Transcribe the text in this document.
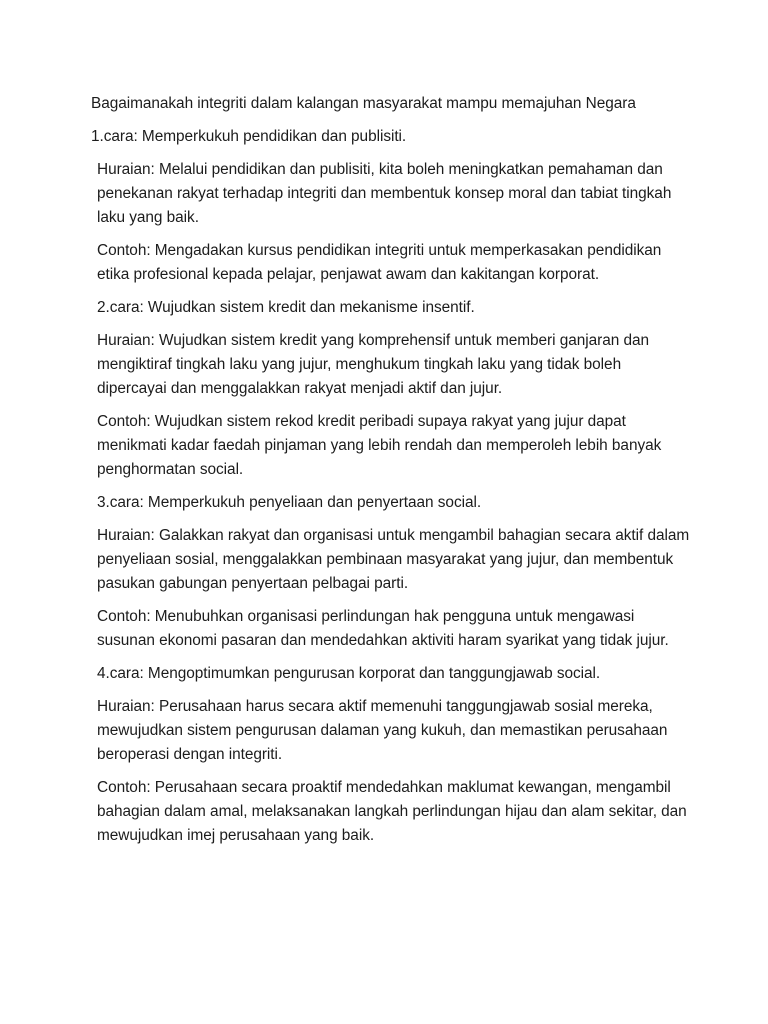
Bagaimanakah integriti dalam kalangan masyarakat mampu memajuhan Negara

1.cara: Memperkukuh pendidikan dan publisiti.

Huraian: Melalui pendidikan dan publisiti, kita boleh meningkatkan pemahaman dan penekanan rakyat terhadap integriti dan membentuk konsep moral dan tabiat tingkah laku yang baik.

Contoh: Mengadakan kursus pendidikan integriti untuk memperkasakan pendidikan etika profesional kepada pelajar, penjawat awam dan kakitangan korporat.

2.cara: Wujudkan sistem kredit dan mekanisme insentif.

Huraian: Wujudkan sistem kredit yang komprehensif untuk memberi ganjaran dan mengiktiraf tingkah laku yang jujur, menghukum tingkah laku yang tidak boleh dipercayai dan menggalakkan rakyat menjadi aktif dan jujur.

Contoh: Wujudkan sistem rekod kredit peribadi supaya rakyat yang jujur dapat menikmati kadar faedah pinjaman yang lebih rendah dan memperoleh lebih banyak penghormatan social.

3.cara: Memperkukuh penyeliaan dan penyertaan social.

Huraian: Galakkan rakyat dan organisasi untuk mengambil bahagian secara aktif dalam penyeliaan sosial, menggalakkan pembinaan masyarakat yang jujur, dan membentuk pasukan gabungan penyertaan pelbagai parti.

Contoh: Menubuhkan organisasi perlindungan hak pengguna untuk mengawasi susunan ekonomi pasaran dan mendedahkan aktiviti haram syarikat yang tidak jujur.

4.cara: Mengoptimumkan pengurusan korporat dan tanggungjawab social.

Huraian: Perusahaan harus secara aktif memenuhi tanggungjawab sosial mereka, mewujudkan sistem pengurusan dalaman yang kukuh, dan memastikan perusahaan beroperasi dengan integriti.

Contoh: Perusahaan secara proaktif mendedahkan maklumat kewangan, mengambil bahagian dalam amal, melaksanakan langkah perlindungan hijau dan alam sekitar, dan mewujudkan imej perusahaan yang baik.
